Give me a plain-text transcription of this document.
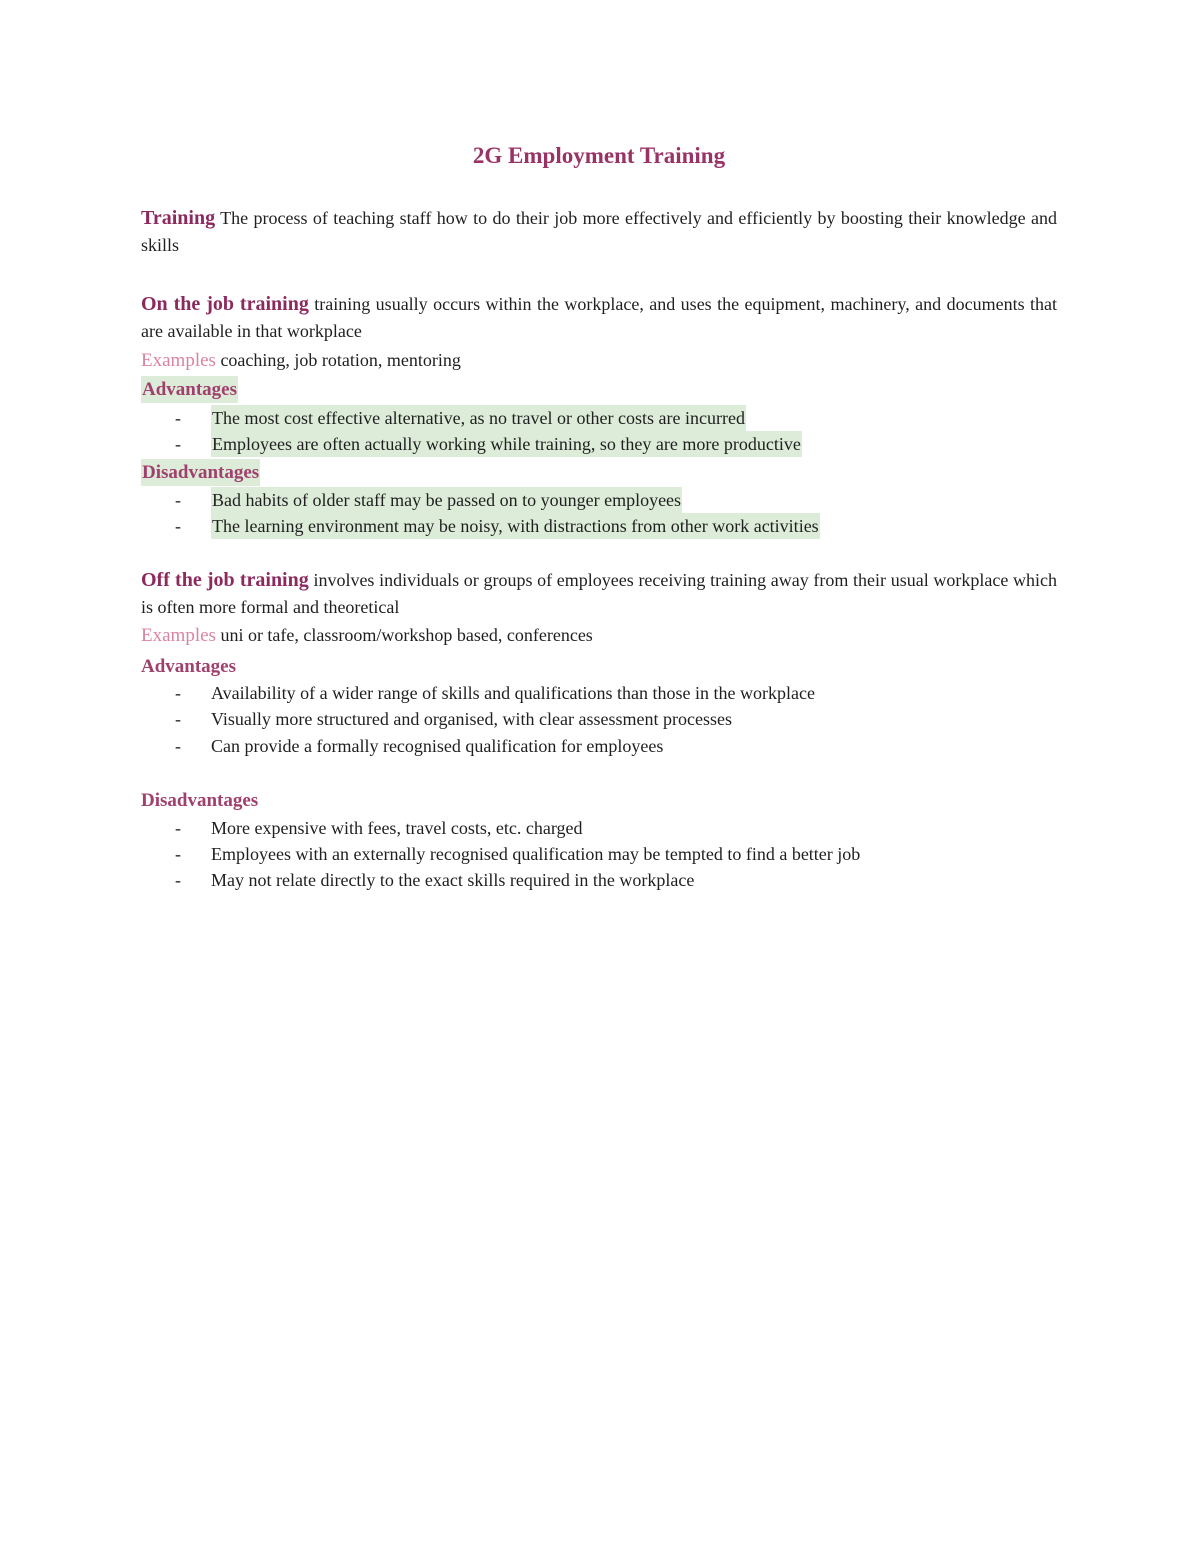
2G Employment Training
Training The process of teaching staff how to do their job more effectively and efficiently by boosting their knowledge and skills
On the job training training usually occurs within the workplace, and uses the equipment, machinery, and documents that are available in that workplace
Examples coaching, job rotation, mentoring
Advantages
- The most cost effective alternative, as no travel or other costs are incurred
- Employees are often actually working while training, so they are more productive
Disadvantages
- Bad habits of older staff may be passed on to younger employees
- The learning environment may be noisy, with distractions from other work activities
Off the job training involves individuals or groups of employees receiving training away from their usual workplace which is often more formal and theoretical
Examples uni or tafe, classroom/workshop based, conferences
Advantages
- Availability of a wider range of skills and qualifications than those in the workplace
- Visually more structured and organised, with clear assessment processes
- Can provide a formally recognised qualification for employees
Disadvantages
- More expensive with fees, travel costs, etc. charged
- Employees with an externally recognised qualification may be tempted to find a better job
- May not relate directly to the exact skills required in the workplace
